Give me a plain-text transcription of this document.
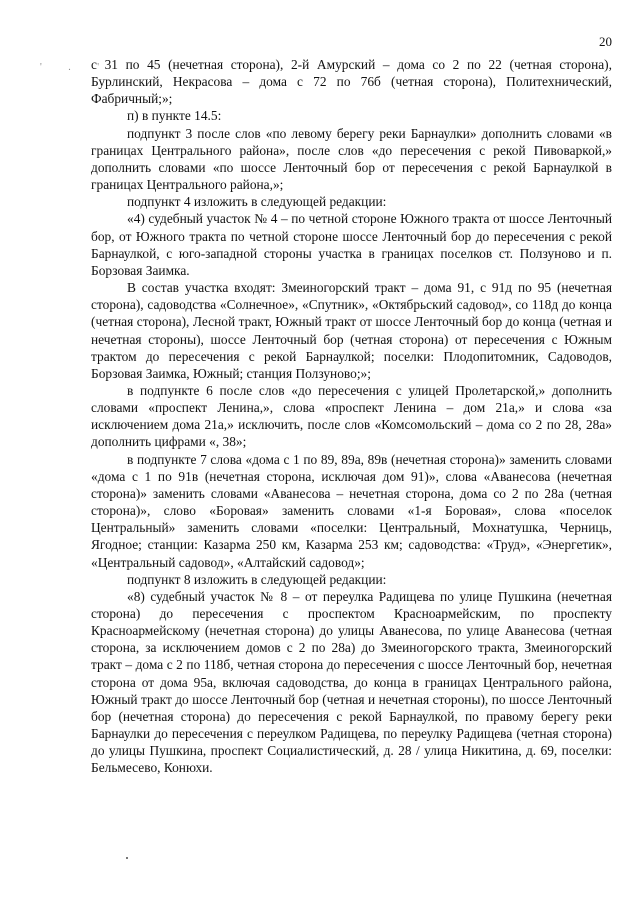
' . '
20

с 31 по 45 (нечетная сторона), 2-й Амурский – дома со 2 по 22 (четная сторона), Бурлинский, Некрасова – дома с 72 по 76б (четная сторона), Политехнический, Фабричный;»;

п) в пункте 14.5:

подпункт 3 после слов «по левому берегу реки Барнаулки» дополнить словами «в границах Центрального района», после слов «до пересечения с рекой Пивоваркой,» дополнить словами «по шоссе Ленточный бор от пересечения с рекой Барнаулкой в границах Центрального района,»;

подпункт 4 изложить в следующей редакции:

«4) судебный участок № 4 – по четной стороне Южного тракта от шоссе Ленточный бор, от Южного тракта по четной стороне шоссе Ленточный бор до пересечения с рекой Барнаулкой, с юго-западной стороны участка в границах поселков ст. Ползуново и п. Борзовая Заимка.

В состав участка входят: Змеиногорский тракт – дома 91, с 91д по 95 (нечетная сторона), садоводства «Солнечное», «Спутник», «Октябрьский садовод», со 118д до конца (четная сторона), Лесной тракт, Южный тракт от шоссе Ленточный бор до конца (четная и нечетная стороны), шоссе Ленточный бор (четная сторона) от пересечения с Южным трактом до пересечения с рекой Барнаулкой; поселки: Плодопитомник, Садоводов, Борзовая Заимка, Южный; станция Ползуново;»;

в подпункте 6 после слов «до пересечения с улицей Пролетарской,» дополнить словами «проспект Ленина,», слова «проспект Ленина – дом 21а,» и слова «за исключением дома 21а,» исключить, после слов «Комсомольский – дома со 2 по 28, 28а» дополнить цифрами «, 38»;

в подпункте 7 слова «дома с 1 по 89, 89а, 89в (нечетная сторона)» заменить словами «дома с 1 по 91в (нечетная сторона, исключая дом 91)», слова «Аванесова (нечетная сторона)» заменить словами «Аванесова – нечетная сторона, дома со 2 по 28а (четная сторона)», слово «Боровая» заменить словами «1-я Боровая», слова «поселок Центральный» заменить словами «поселки: Центральный, Мохнатушка, Черниць, Ягодное; станции: Казарма 250 км, Казарма 253 км; садоводства: «Труд», «Энергетик», «Центральный садовод», «Алтайский садовод»;

подпункт 8 изложить в следующей редакции:

«8) судебный участок № 8 – от переулка Радищева по улице Пушкина (нечетная сторона) до пересечения с проспектом Красноармейским, по проспекту Красноармейскому (нечетная сторона) до улицы Аванесова, по улице Аванесова (четная сторона, за исключением домов с 2 по 28а) до Змеиногорского тракта, Змеиногорский тракт – дома с 2 по 118б, четная сторона до пересечения с шоссе Ленточный бор, нечетная сторона от дома 95а, включая садоводства, до конца в границах Центрального района, Южный тракт до шоссе Ленточный бор (четная и нечетная стороны), по шоссе Ленточный бор (нечетная сторона) до пересечения с рекой Барнаулкой, по правому берегу реки Барнаулки до пересечения с переулком Радищева, по переулку Радищева (четная сторона) до улицы Пушкина, проспект Социалистический, д. 28 / улица Никитина, д. 69, поселки: Бельмесево, Конюхи.
